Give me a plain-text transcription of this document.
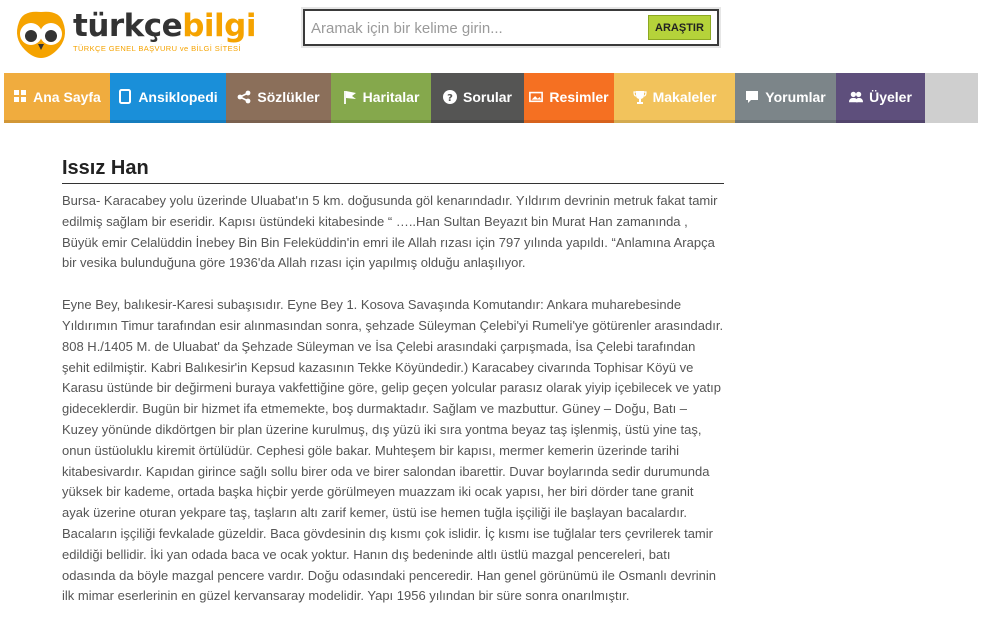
türkçebilgi
TÜRKÇE GENEL BAŞVURU ve BİLGİ SİTESİ
Aramak için bir kelime girin...
ARAŞTIR
Ana Sayfa	Ansiklopedi	Sözlükler	Haritalar	? Sorular	Resimler	Makaleler	Yorumlar	Üyeler
Issız Han

Bursa- Karacabey yolu üzerinde Uluabat'ın 5 km. doğusunda göl kenarındadır. Yıldırım devrinin metruk fakat tamir edilmiş sağlam bir eseridir. Kapısı üstündeki kitabesinde “ …..Han Sultan Beyazıt bin Murat Han zamanında , Büyük emir Celalüddin İnebey Bin Bin Feleküddin'in emri ile Allah rızası için 797 yılında yapıldı. “Anlamına Arapça bir vesika bulunduğuna göre 1936'da Allah rızası için yapılmış olduğu anlaşılıyor.

Eyne Bey, balıkesir-Karesi subaşısıdır. Eyne Bey 1. Kosova Savaşında Komutandır: Ankara muharebesinde Yıldırımın Timur tarafından esir alınmasından sonra, şehzade Süleyman Çelebi'yi Rumeli'ye götürenler arasındadır. 808 H./1405 M. de Uluabat' da Şehzade Süleyman ve İsa Çelebi arasındaki çarpışmada, İsa Çelebi tarafından şehit edilmiştir. Kabri Balıkesir'in Kepsud kazasının Tekke Köyündedir.) Karacabey civarında Tophisar Köyü ve Karasu üstünde bir değirmeni buraya vakfettiğine göre, gelip geçen yolcular parasız olarak yiyip içebilecek ve yatıp gideceklerdir. Bugün bir hizmet ifa etmemekte, boş durmaktadır. Sağlam ve mazbuttur. Güney – Doğu, Batı – Kuzey yönünde dikdörtgen bir plan üzerine kurulmuş, dış yüzü iki sıra yontma beyaz taş işlenmiş, üstü yine taş, onun üstüoluklu kiremit örtülüdür. Cephesi göle bakar. Muhteşem bir kapısı, mermer kemerin üzerinde tarihi kitabesivardır. Kapıdan girince sağlı sollu birer oda ve birer salondan ibarettir. Duvar boylarında sedir durumunda yüksek bir kademe, ortada başka hiçbir yerde görülmeyen muazzam iki ocak yapısı, her biri dörder tane granit ayak üzerine oturan yekpare taş, taşların altı zarif kemer, üstü ise hemen tuğla işçiliği ile başlayan bacalardır. Bacaların işçiliği fevkalade güzeldir. Baca gövdesinin dış kısmı çok islidir. İç kısmı ise tuğlalar ters çevrilerek tamir edildiği bellidir. İki yan odada baca ve ocak yoktur. Hanın dış bedeninde altlı üstlü mazgal pencereleri, batı odasında da böyle mazgal pencere vardır. Doğu odasındaki penceredir. Han genel görünümü ile Osmanlı devrinin ilk mimar eserlerinin en güzel kervansaray modelidir. Yapı 1956 yılından bir süre sonra onarılmıştır.
